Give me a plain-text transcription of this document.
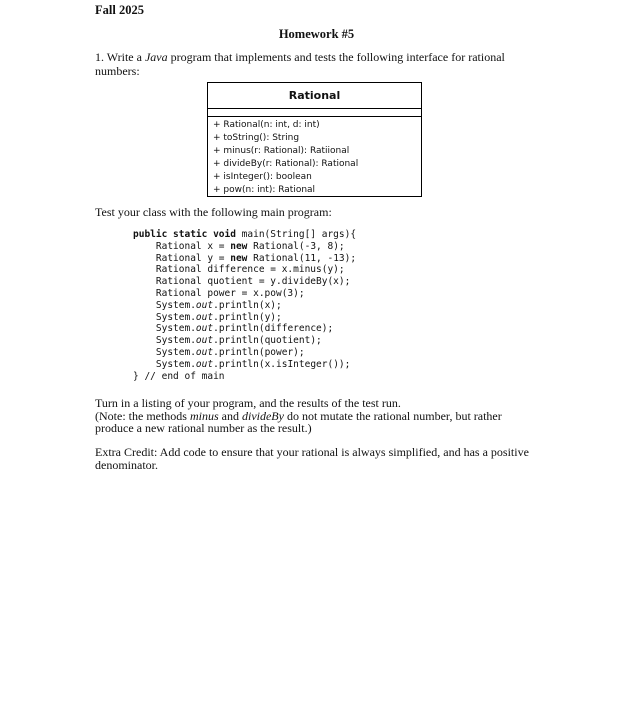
Fall 2025
Homework #5
1. Write a Java program that implements and tests the following interface for rational numbers:
Rational
+ Rational(n: int, d: int)
+ toString(): String
+ minus(r: Rational): Ratiional
+ divideBy(r: Rational): Rational
+ isInteger(): boolean
+ pow(n: int): Rational
Test your class with the following main program:
public static void main(String[] args){
Rational x = new Rational(-3, 8);
Rational y = new Rational(11, -13);
Rational difference = x.minus(y);
Rational quotient = y.divideBy(x);
Rational power = x.pow(3);
System.out.println(x);
System.out.println(y);
System.out.println(difference);
System.out.println(quotient);
System.out.println(power);
System.out.println(x.isInteger());
} // end of main
Turn in a listing of your program, and the results of the test run.
(Note: the methods minus and divideBy do not mutate the rational number, but rather produce a new rational number as the result.)
Extra Credit: Add code to ensure that your rational is always simplified, and has a positive denominator.
